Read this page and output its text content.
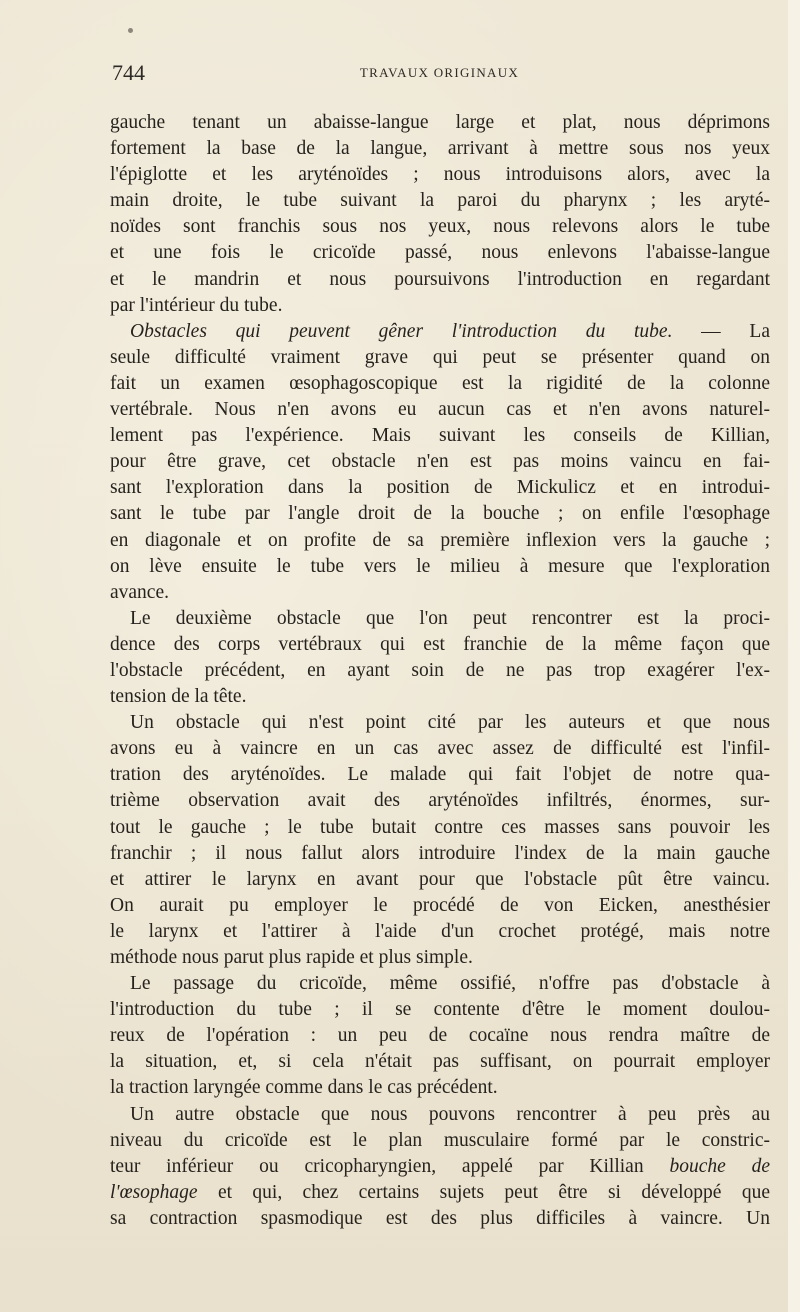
744	TRAVAUX ORIGINAUX

gauche tenant un abaisse-langue large et plat, nous déprimons
fortement la base de la langue, arrivant à mettre sous nos yeux
l'épiglotte et les aryténoïdes ; nous introduisons alors, avec la
main droite, le tube suivant la paroi du pharynx ; les aryté-
noïdes sont franchis sous nos yeux, nous relevons alors le tube
et une fois le cricoïde passé, nous enlevons l'abaisse-langue
et le mandrin et nous poursuivons l'introduction en regardant
par l'intérieur du tube.

Obstacles qui peuvent gêner l'introduction du tube. — La
seule difficulté vraiment grave qui peut se présenter quand on
fait un examen œsophagoscopique est la rigidité de la colonne
vertébrale. Nous n'en avons eu aucun cas et n'en avons naturel-
lement pas l'expérience. Mais suivant les conseils de Killian,
pour être grave, cet obstacle n'en est pas moins vaincu en fai-
sant l'exploration dans la position de Mickulicz et en introdui-
sant le tube par l'angle droit de la bouche ; on enfile l'œsophage
en diagonale et on profite de sa première inflexion vers la gauche ;
on lève ensuite le tube vers le milieu à mesure que l'exploration
avance.

Le deuxième obstacle que l'on peut rencontrer est la proci-
dence des corps vertébraux qui est franchie de la même façon que
l'obstacle précédent, en ayant soin de ne pas trop exagérer l'ex-
tension de la tête.

Un obstacle qui n'est point cité par les auteurs et que nous
avons eu à vaincre en un cas avec assez de difficulté est l'infil-
tration des aryténoïdes. Le malade qui fait l'objet de notre qua-
trième observation avait des aryténoïdes infiltrés, énormes, sur-
tout le gauche ; le tube butait contre ces masses sans pouvoir les
franchir ; il nous fallut alors introduire l'index de la main gauche
et attirer le larynx en avant pour que l'obstacle pût être vaincu.
On aurait pu employer le procédé de von Eicken, anesthésier
le larynx et l'attirer à l'aide d'un crochet protégé, mais notre
méthode nous parut plus rapide et plus simple.

Le passage du cricoïde, même ossifié, n'offre pas d'obstacle à
l'introduction du tube ; il se contente d'être le moment doulou-
reux de l'opération : un peu de cocaïne nous rendra maître de
la situation, et, si cela n'était pas suffisant, on pourrait employer
la traction laryngée comme dans le cas précédent.

Un autre obstacle que nous pouvons rencontrer à peu près au
niveau du cricoïde est le plan musculaire formé par le constric-
teur inférieur ou cricopharyngien, appelé par Killian bouche de
l'œsophage et qui, chez certains sujets peut être si développé que
sa contraction spasmodique est des plus difficiles à vaincre. Un
